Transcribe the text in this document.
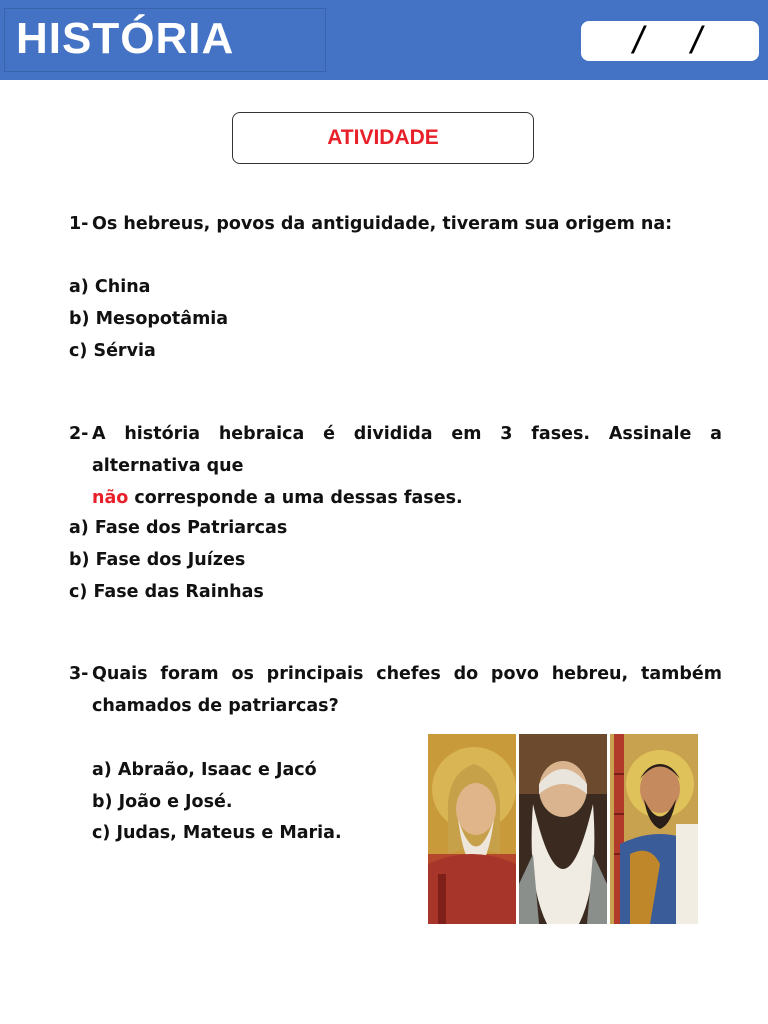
HISTÓRIA	/ /
ATIVIDADE
1- Os hebreus, povos da antiguidade, tiveram sua origem na:
a) China
b) Mesopotâmia
c) Sérvia
2- A história hebraica é dividida em 3 fases. Assinale a alternativa que
não corresponde a uma dessas fases.
a) Fase dos Patriarcas
b) Fase dos Juízes
c) Fase das Rainhas
3- Quais foram os principais chefes do povo hebreu, também chamados de patriarcas?
a) Abraão, Isaac e Jacó
b) João e José.
c) Judas, Mateus e Maria.
